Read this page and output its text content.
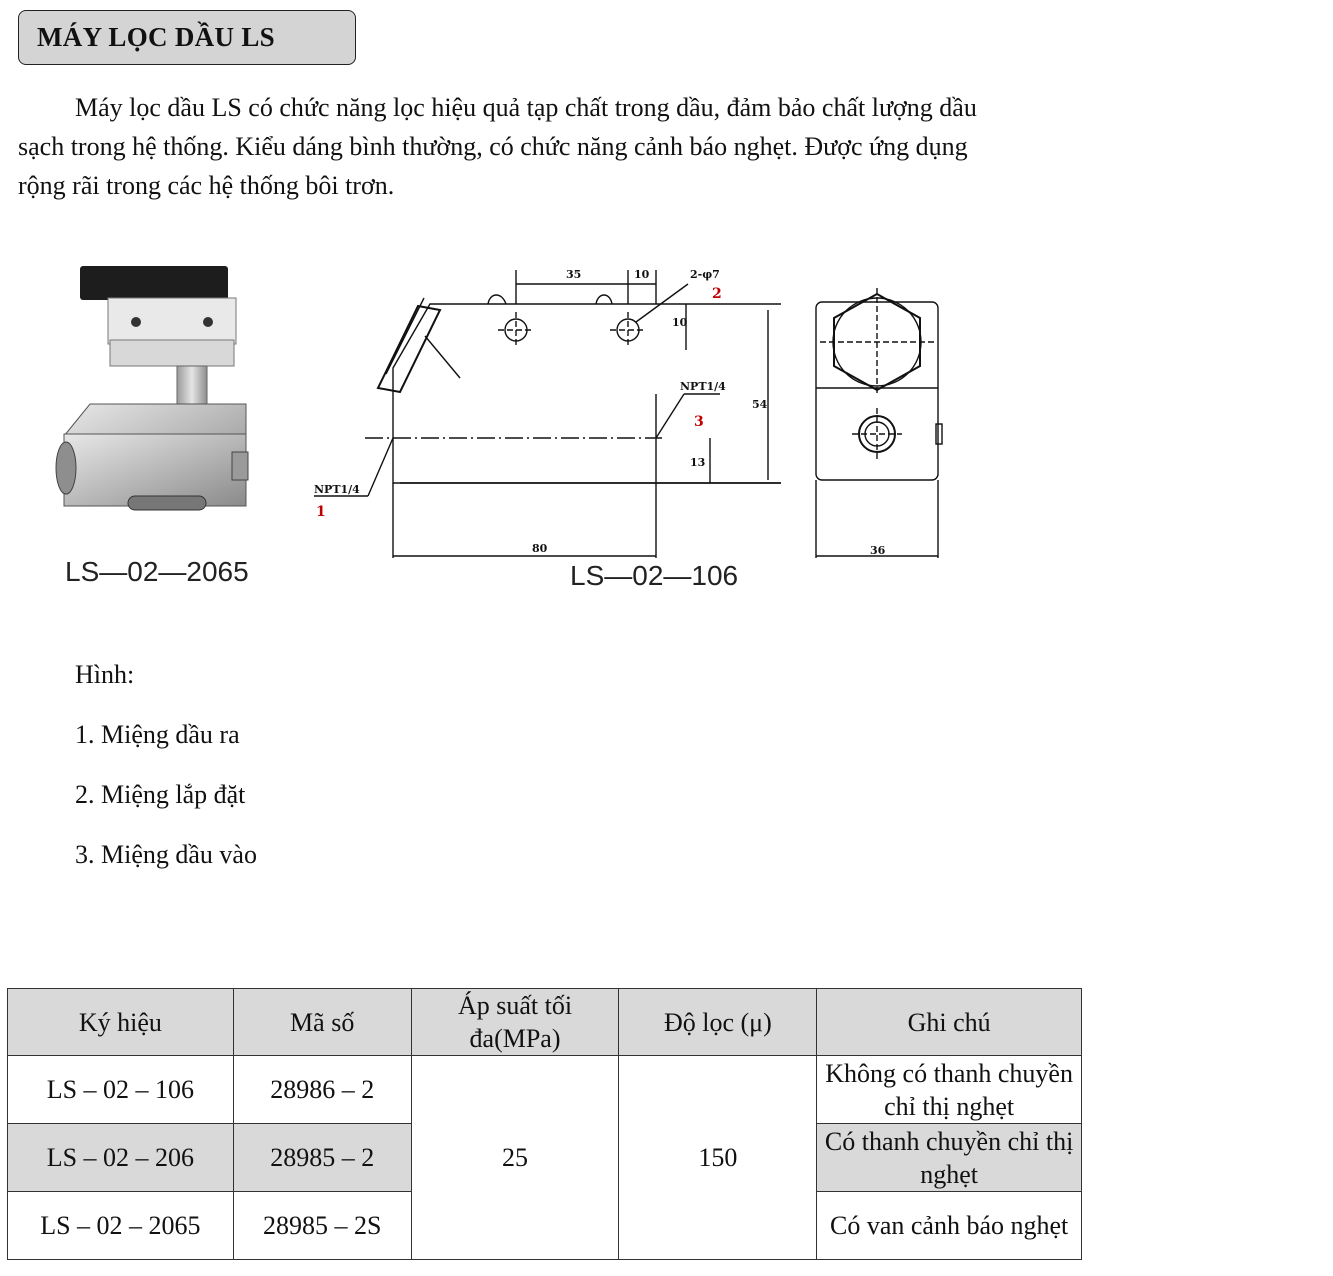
MÁY LỌC DẦU LS

Máy lọc dầu LS có chức năng lọc hiệu quả tạp chất trong dầu, đảm bảo chất lượng dầu sạch trong hệ thống. Kiểu dáng bình thường, có chức năng cảnh báo nghẹt. Được ứng dụng rộng rãi trong các hệ thống bôi trơn.

LS—02—2065
35	10	2-φ7
2
10
NPT1/4
3
54
13
NPT1/4
1
80	36
LS—02—106
Hình:
1. Miệng dầu ra
2. Miệng lắp đặt
3. Miệng dầu vào
Ký hiệu	Mã số	Áp suất tối đa(MPa)	Độ lọc (μ)	Ghi chú
LS – 02 – 106	28986 – 2	25	150	Không có thanh chuyền chỉ thị nghẹt
LS – 02 – 206	28985 – 2			Có thanh chuyền chỉ thị nghẹt
LS – 02 – 2065	28985 – 2S			Có van cảnh báo nghẹt
